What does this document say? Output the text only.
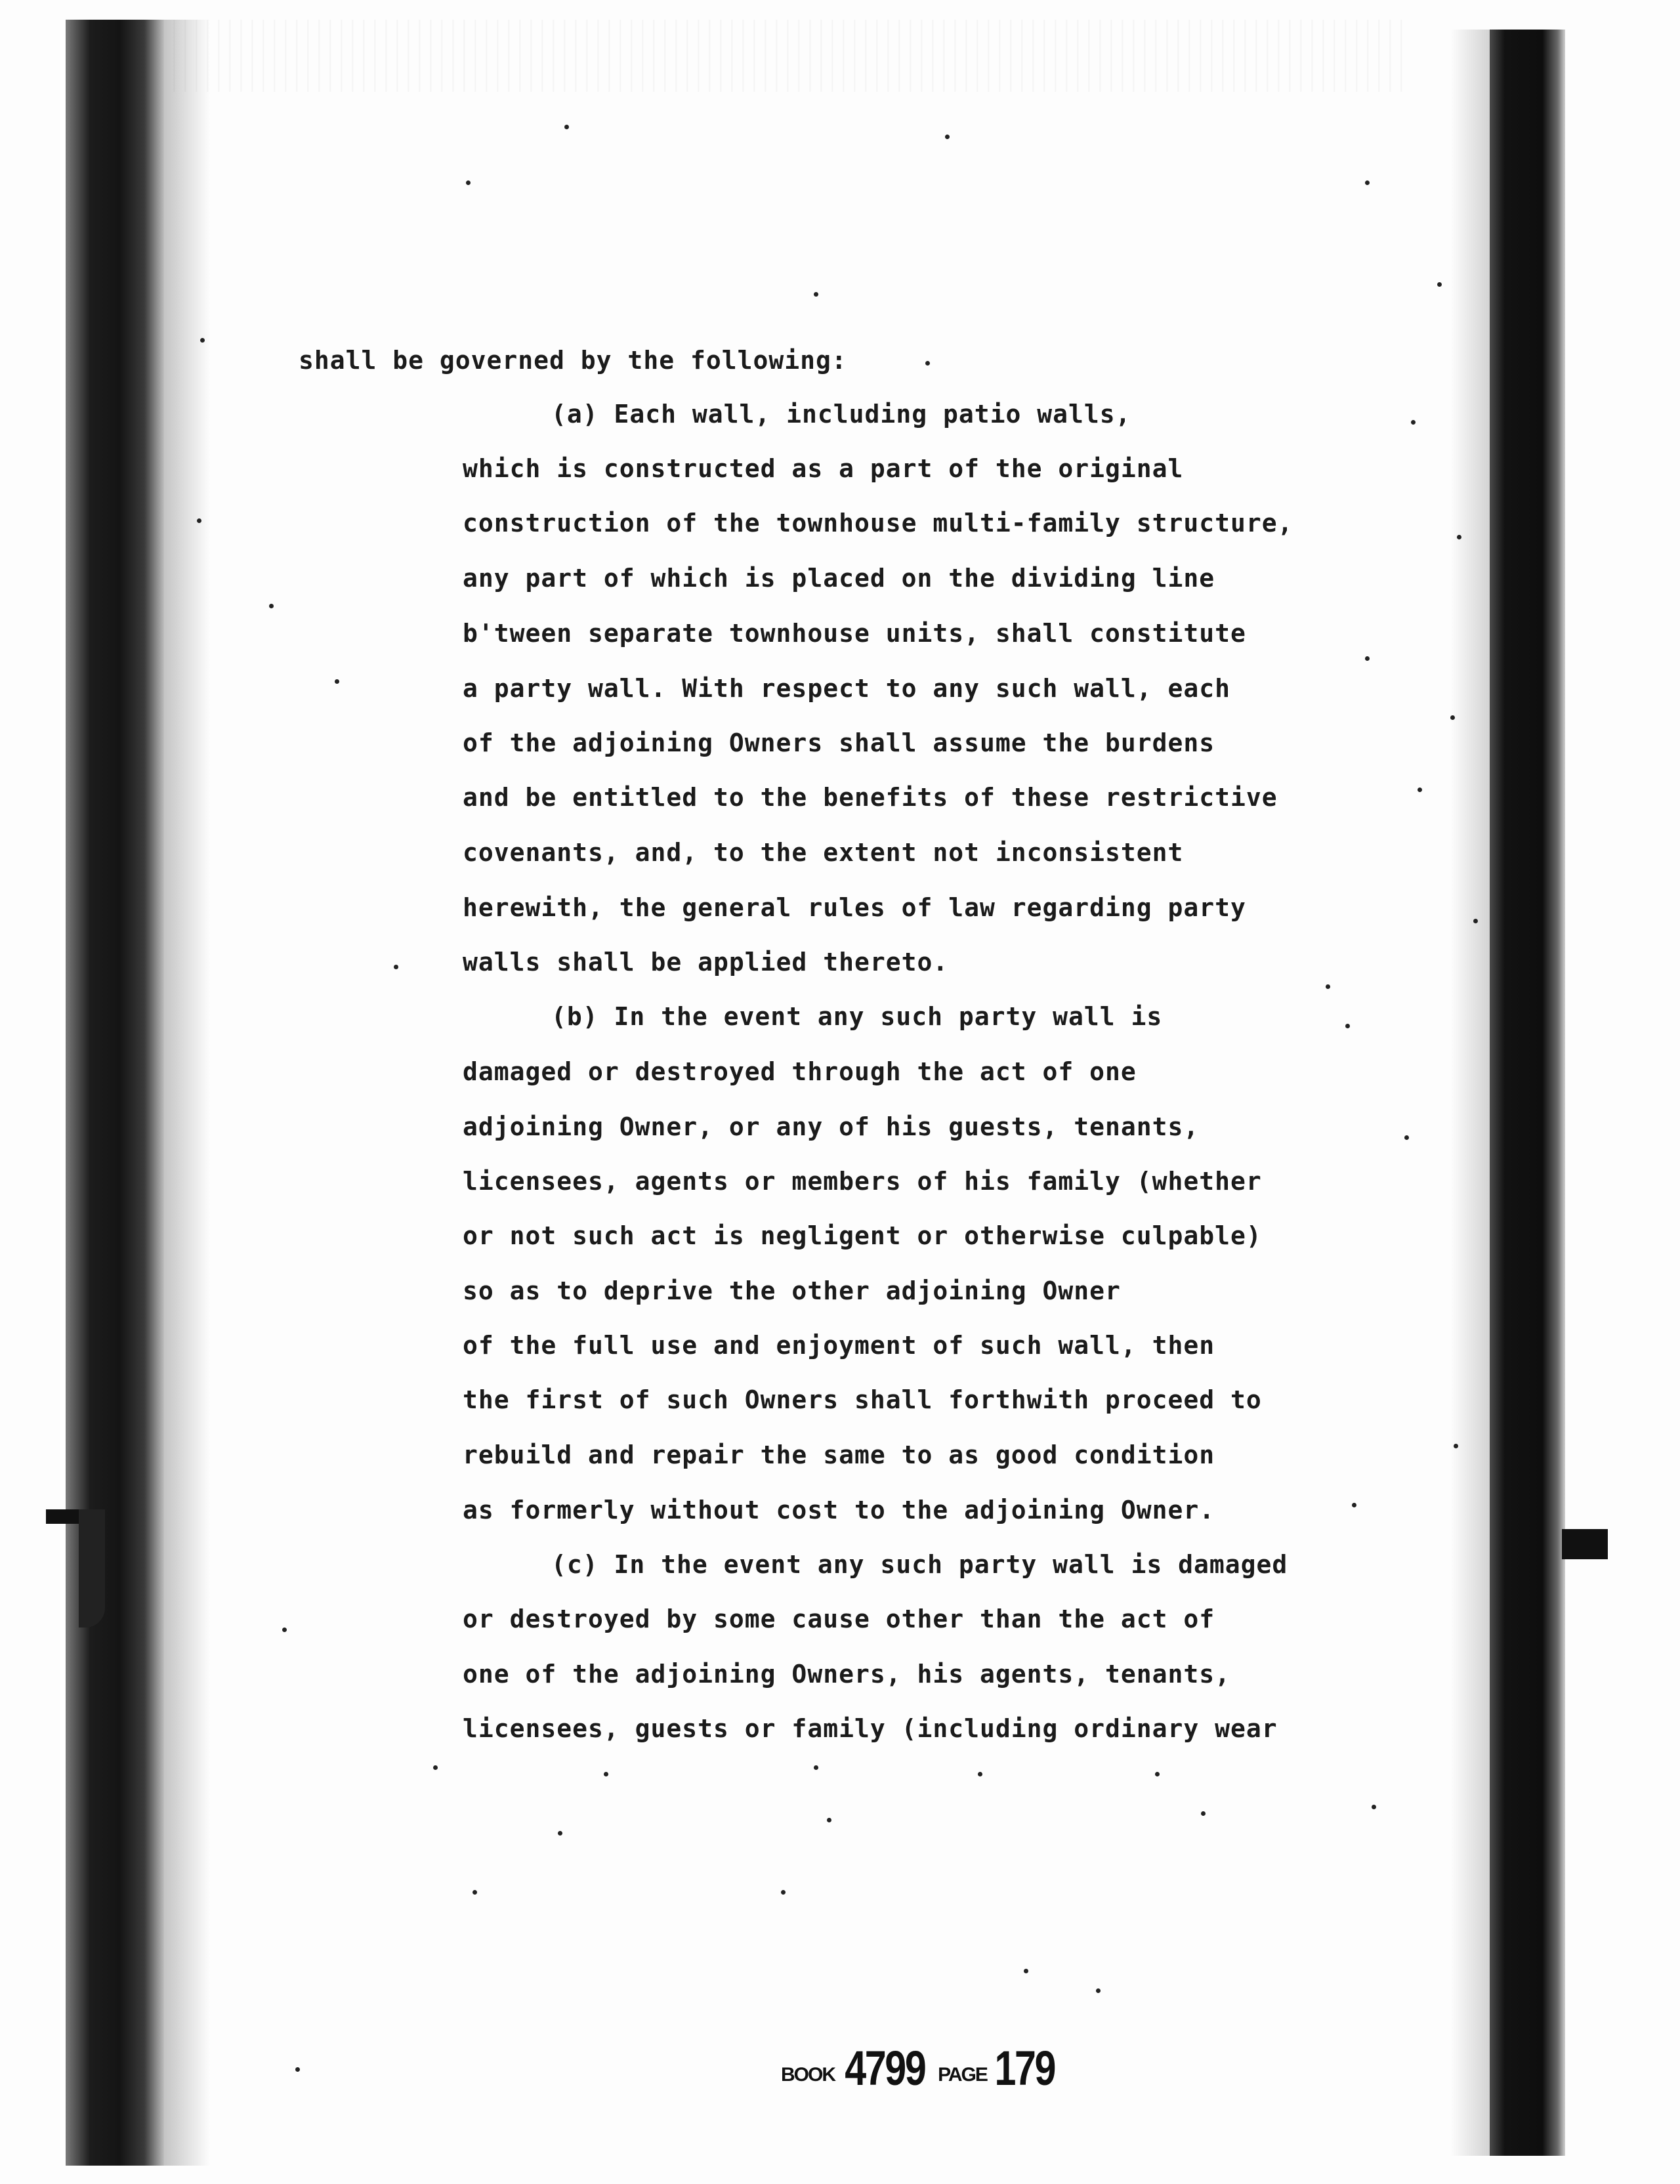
shall be governed by the following:
(a) Each wall, including patio walls,
which is constructed as a part of the original
construction of the townhouse multi-family structure,
any part of which is placed on the dividing line
b'tween separate townhouse units, shall constitute
a party wall. With respect to any such wall, each
of the adjoining Owners shall assume the burdens
and be entitled to the benefits of these restrictive
covenants, and, to the extent not inconsistent
herewith, the general rules of law regarding party
walls shall be applied thereto.
(b) In the event any such party wall is
damaged or destroyed through the act of one
adjoining Owner, or any of his guests, tenants,
licensees, agents or members of his family (whether
or not such act is negligent or otherwise culpable)
so as to deprive the other adjoining Owner
of the full use and enjoyment of such wall, then
the first of such Owners shall forthwith proceed to
rebuild and repair the same to as good condition
as formerly without cost to the adjoining Owner.
(c) In the event any such party wall is damaged
or destroyed by some cause other than the act of
one of the adjoining Owners, his agents, tenants,
licensees, guests or family (including ordinary wear
BOOK 4799 PAGE 179
